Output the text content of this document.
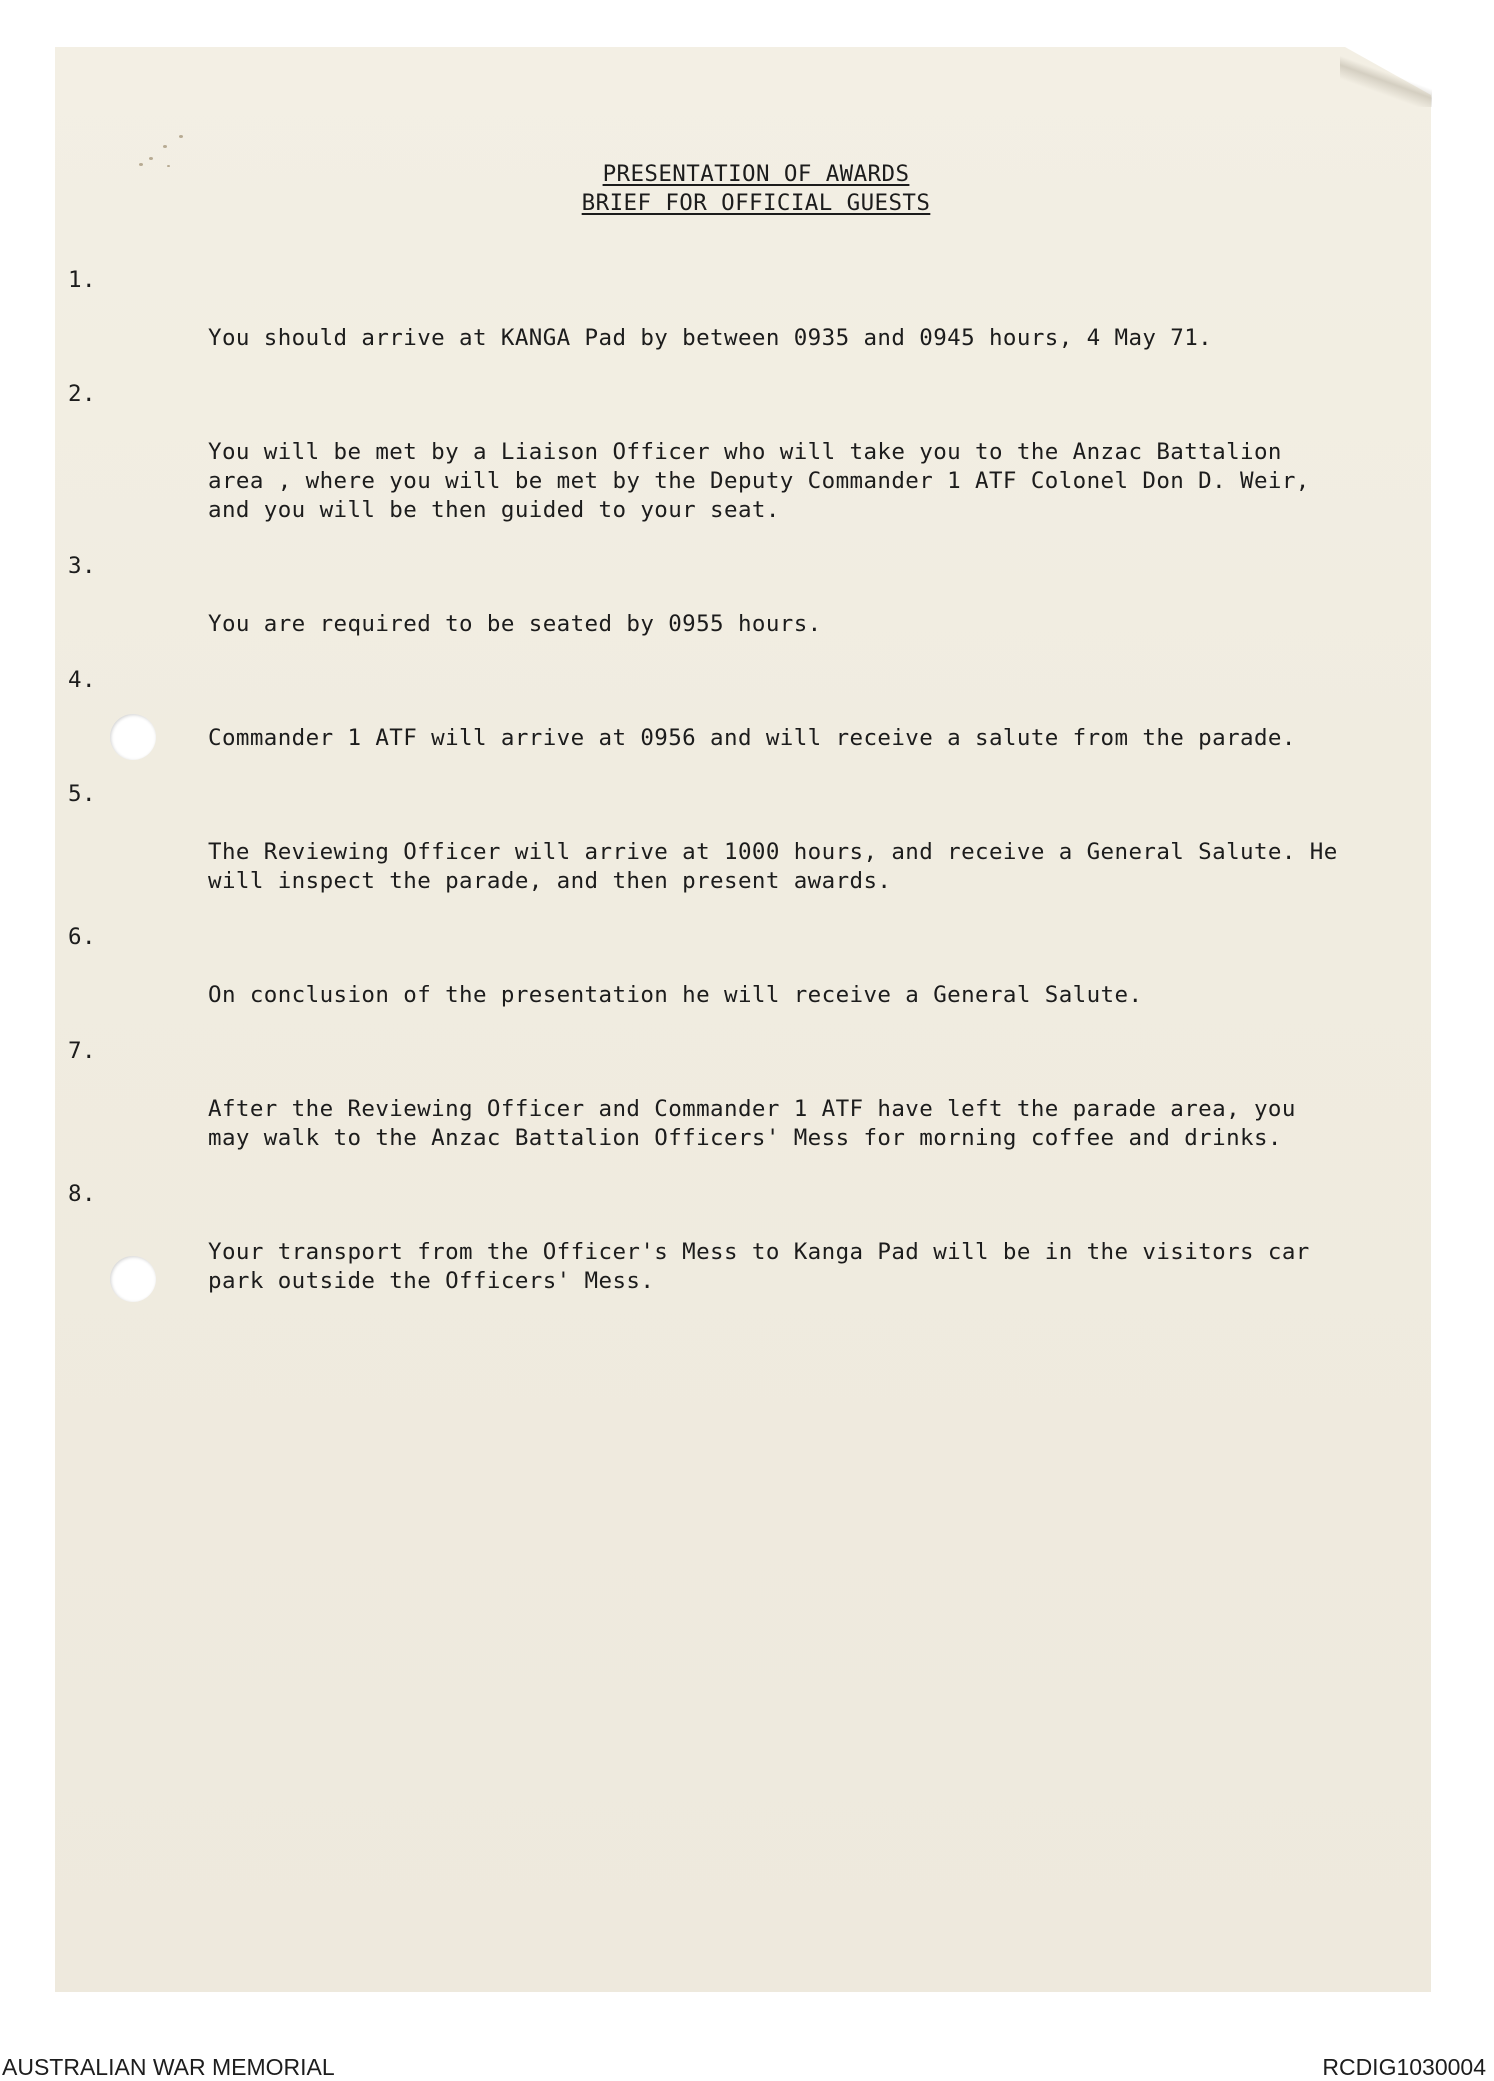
PRESENTATION OF AWARDS
BRIEF FOR OFFICIAL GUESTS

1.

You should arrive at KANGA Pad by between 0935 and 0945 hours, 4 May 71.

2.

You will be met by a Liaison Officer who will take you to the Anzac Battalion area , where you will be met by the Deputy Commander 1 ATF Colonel Don D. Weir, and you will be then guided to your seat.

3.

You are required to be seated by 0955 hours.

4.

Commander 1 ATF will arrive at 0956 and will receive a salute from the parade.

5.

The Reviewing Officer will arrive at 1000 hours, and receive a General Salute. He will inspect the parade, and then present awards.

6.

On conclusion of the presentation he will receive a General Salute.

7.

After the Reviewing Officer and Commander 1 ATF have left the parade area, you may walk to the Anzac Battalion Officers' Mess for morning coffee and drinks.

8.

Your transport from the Officer's Mess to Kanga Pad will be in the visitors car park outside the Officers' Mess.

AUSTRALIAN WAR MEMORIAL	RCDIG1030004
